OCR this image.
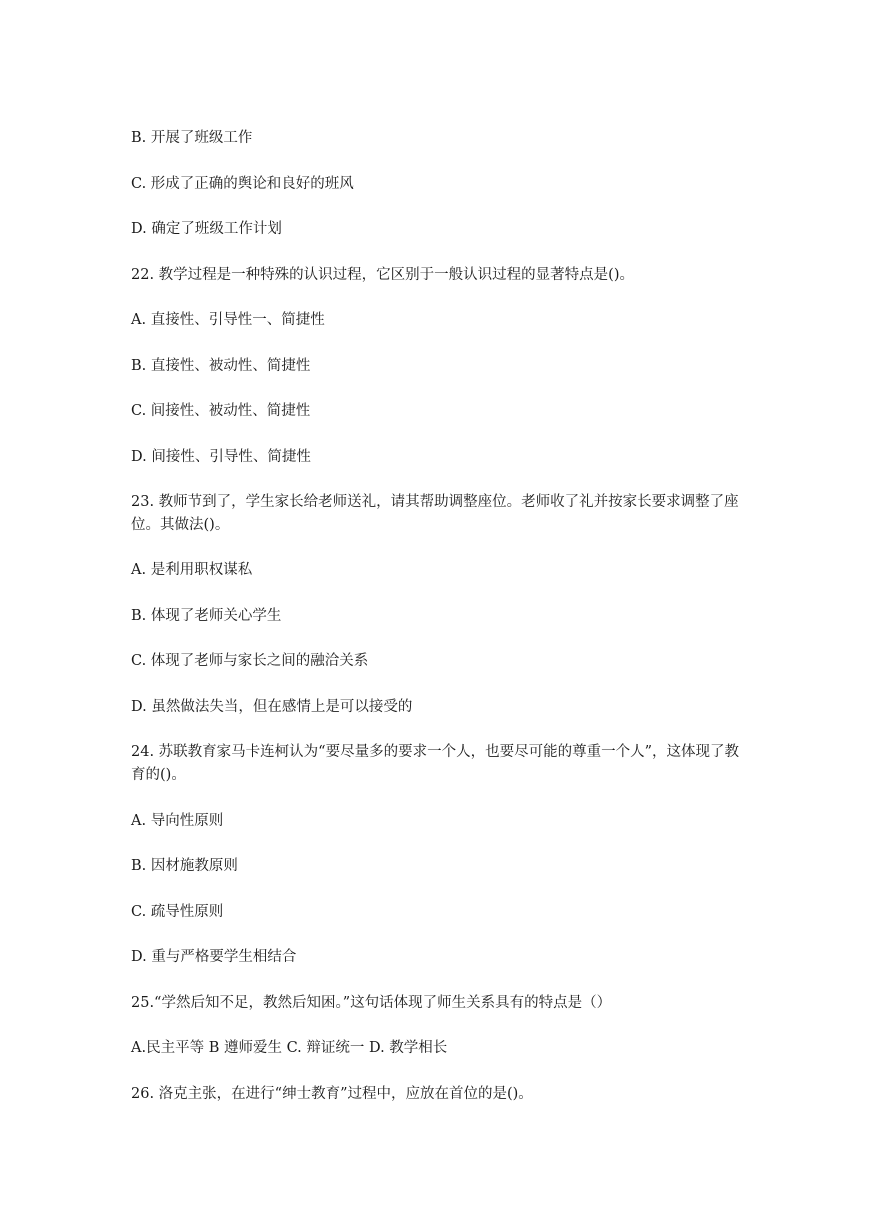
B. 开展了班级工作
C. 形成了正确的舆论和良好的班风
D. 确定了班级工作计划
22. 教学过程是一种特殊的认识过程，它区别于一般认识过程的显著特点是()。
A. 直接性、引导性一、简捷性
B. 直接性、被动性、简捷性
C. 间接性、被动性、简捷性
D. 间接性、引导性、简捷性
23. 教师节到了，学生家长给老师送礼，请其帮助调整座位。老师收了礼并按家长要求调整了座位。其做法()。
A. 是利用职权谋私
B. 体现了老师关心学生
C. 体现了老师与家长之间的融洽关系
D. 虽然做法失当，但在感情上是可以接受的
24. 苏联教育家马卡连柯认为“要尽量多的要求一个人，也要尽可能的尊重一个人”，这体现了教育的()。
A. 导向性原则
B. 因材施教原则
C. 疏导性原则
D. 重与严格要学生相结合
25.“学然后知不足，教然后知困。”这句话体现了师生关系具有的特点是（）
A.民主平等 B 遵师爱生 C. 辩证统一 D. 教学相长
26. 洛克主张，在进行“绅士教育”过程中，应放在首位的是()。
